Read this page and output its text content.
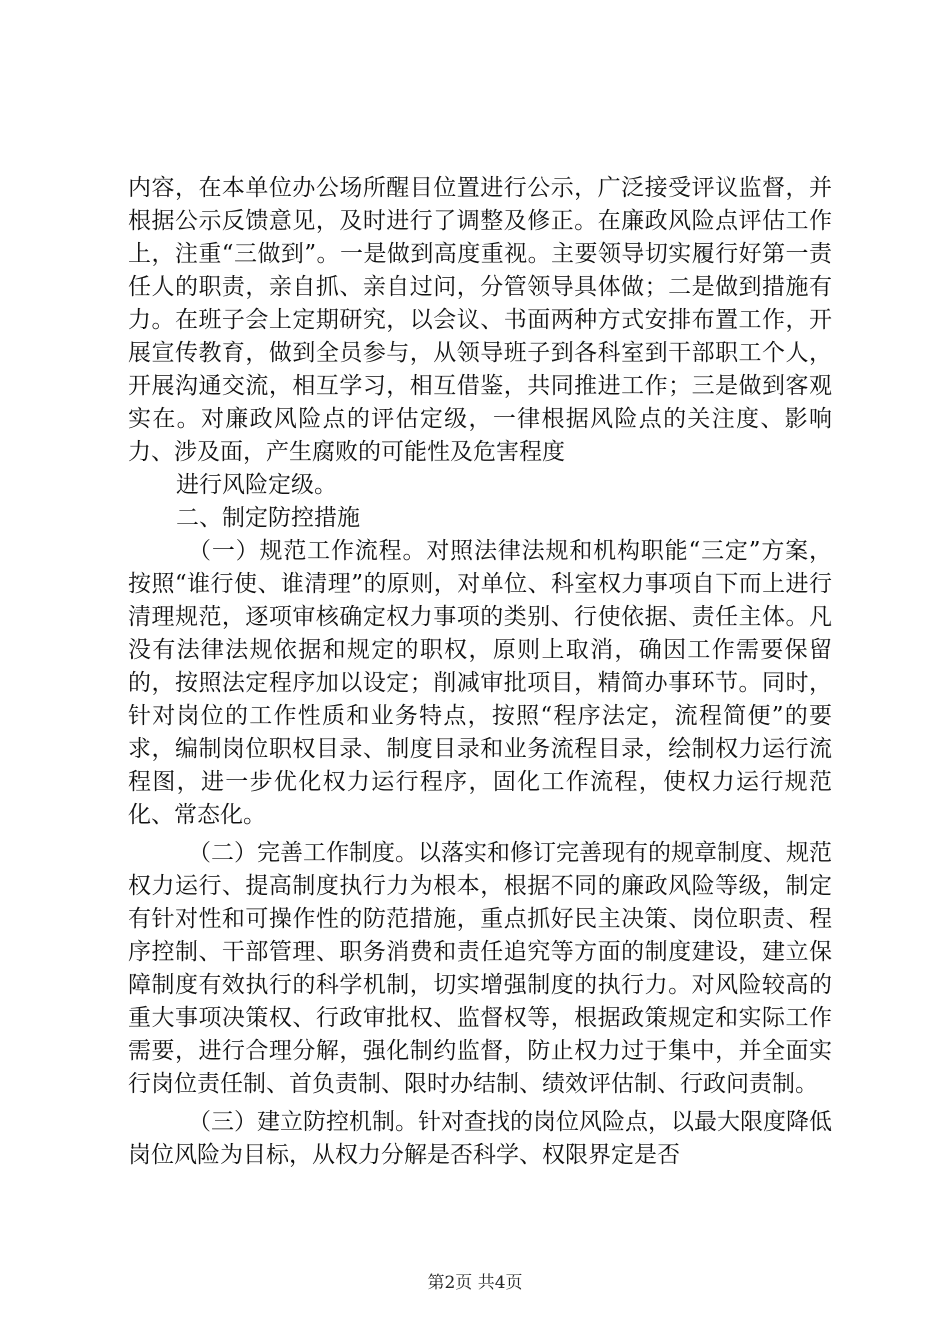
内容，在本单位办公场所醒目位置进行公示，广泛接受评议监督，并根据公示反馈意见，及时进行了调整及修正。在廉政风险点评估工作上，注重“三做到”。一是做到高度重视。主要领导切实履行好第一责任人的职责，亲自抓、亲自过问，分管领导具体做；二是做到措施有力。在班子会上定期研究，以会议、书面两种方式安排布置工作，开展宣传教育，做到全员参与，从领导班子到各科室到干部职工个人，开展沟通交流，相互学习，相互借鉴，共同推进工作；三是做到客观实在。对廉政风险点的评估定级，一律根据风险点的关注度、影响力、涉及面，产生腐败的可能性及危害程度

进行风险定级。

二、制定防控措施

（一）规范工作流程。对照法律法规和机构职能“三定”方案，按照“谁行使、谁清理”的原则，对单位、科室权力事项自下而上进行清理规范，逐项审核确定权力事项的类别、行使依据、责任主体。凡没有法律法规依据和规定的职权，原则上取消，确因工作需要保留的，按照法定程序加以设定；削减审批项目，精简办事环节。同时，针对岗位的工作性质和业务特点，按照“程序法定，流程简便”的要求，编制岗位职权目录、制度目录和业务流程目录，绘制权力运行流程图，进一步优化权力运行程序，固化工作流程，使权力运行规范化、常态化。

（二）完善工作制度。以落实和修订完善现有的规章制度、规范权力运行、提高制度执行力为根本，根据不同的廉政风险等级，制定有针对性和可操作性的防范措施，重点抓好民主决策、岗位职责、程序控制、干部管理、职务消费和责任追究等方面的制度建设，建立保障制度有效执行的科学机制，切实增强制度的执行力。对风险较高的重大事项决策权、行政审批权、监督权等，根据政策规定和实际工作需要，进行合理分解，强化制约监督，防止权力过于集中，并全面实行岗位责任制、首负责制、限时办结制、绩效评估制、行政问责制。

（三）建立防控机制。针对查找的岗位风险点，以最大限度降低岗位风险为目标，从权力分解是否科学、权限界定是否

第2页 共4页
